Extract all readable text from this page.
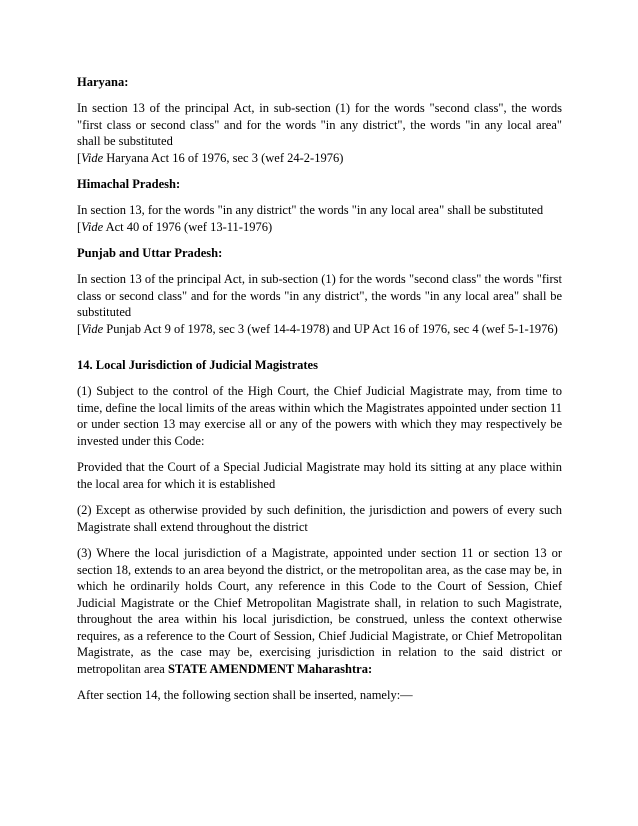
Haryana:
In section 13 of the principal Act, in sub-section (1) for the words "second class", the words "first class or second class" and for the words "in any district", the words "in any local area" shall be substituted
[Vide Haryana Act 16 of 1976, sec 3 (wef 24-2-1976)
Himachal Pradesh:
In section 13, for the words "in any district" the words "in any local area" shall be substituted
[Vide Act 40 of 1976 (wef 13-11-1976)
Punjab and Uttar Pradesh:
In section 13 of the principal Act, in sub-section (1) for the words "second class" the words "first class or second class" and for the words "in any district", the words "in any local area" shall be substituted
[Vide Punjab Act 9 of 1978, sec 3 (wef 14-4-1978) and UP Act 16 of 1976, sec 4 (wef 5-1-1976)
14. Local Jurisdiction of Judicial Magistrates
(1) Subject to the control of the High Court, the Chief Judicial Magistrate may, from time to time, define the local limits of the areas within which the Magistrates appointed under section 11 or under section 13 may exercise all or any of the powers with which they may respectively be invested under this Code:
Provided that the Court of a Special Judicial Magistrate may hold its sitting at any place within the local area for which it is established
(2) Except as otherwise provided by such definition, the jurisdiction and powers of every such Magistrate shall extend throughout the district
(3) Where the local jurisdiction of a Magistrate, appointed under section 11 or section 13 or section 18, extends to an area beyond the district, or the metropolitan area, as the case may be, in which he ordinarily holds Court, any reference in this Code to the Court of Session, Chief Judicial Magistrate or the Chief Metropolitan Magistrate shall, in relation to such Magistrate, throughout the area within his local jurisdiction, be construed, unless the context otherwise requires, as a reference to the Court of Session, Chief Judicial Magistrate, or Chief Metropolitan Magistrate, as the case may be, exercising jurisdiction in relation to the said district or metropolitan area STATE AMENDMENT Maharashtra:
After section 14, the following section shall be inserted, namely:—
